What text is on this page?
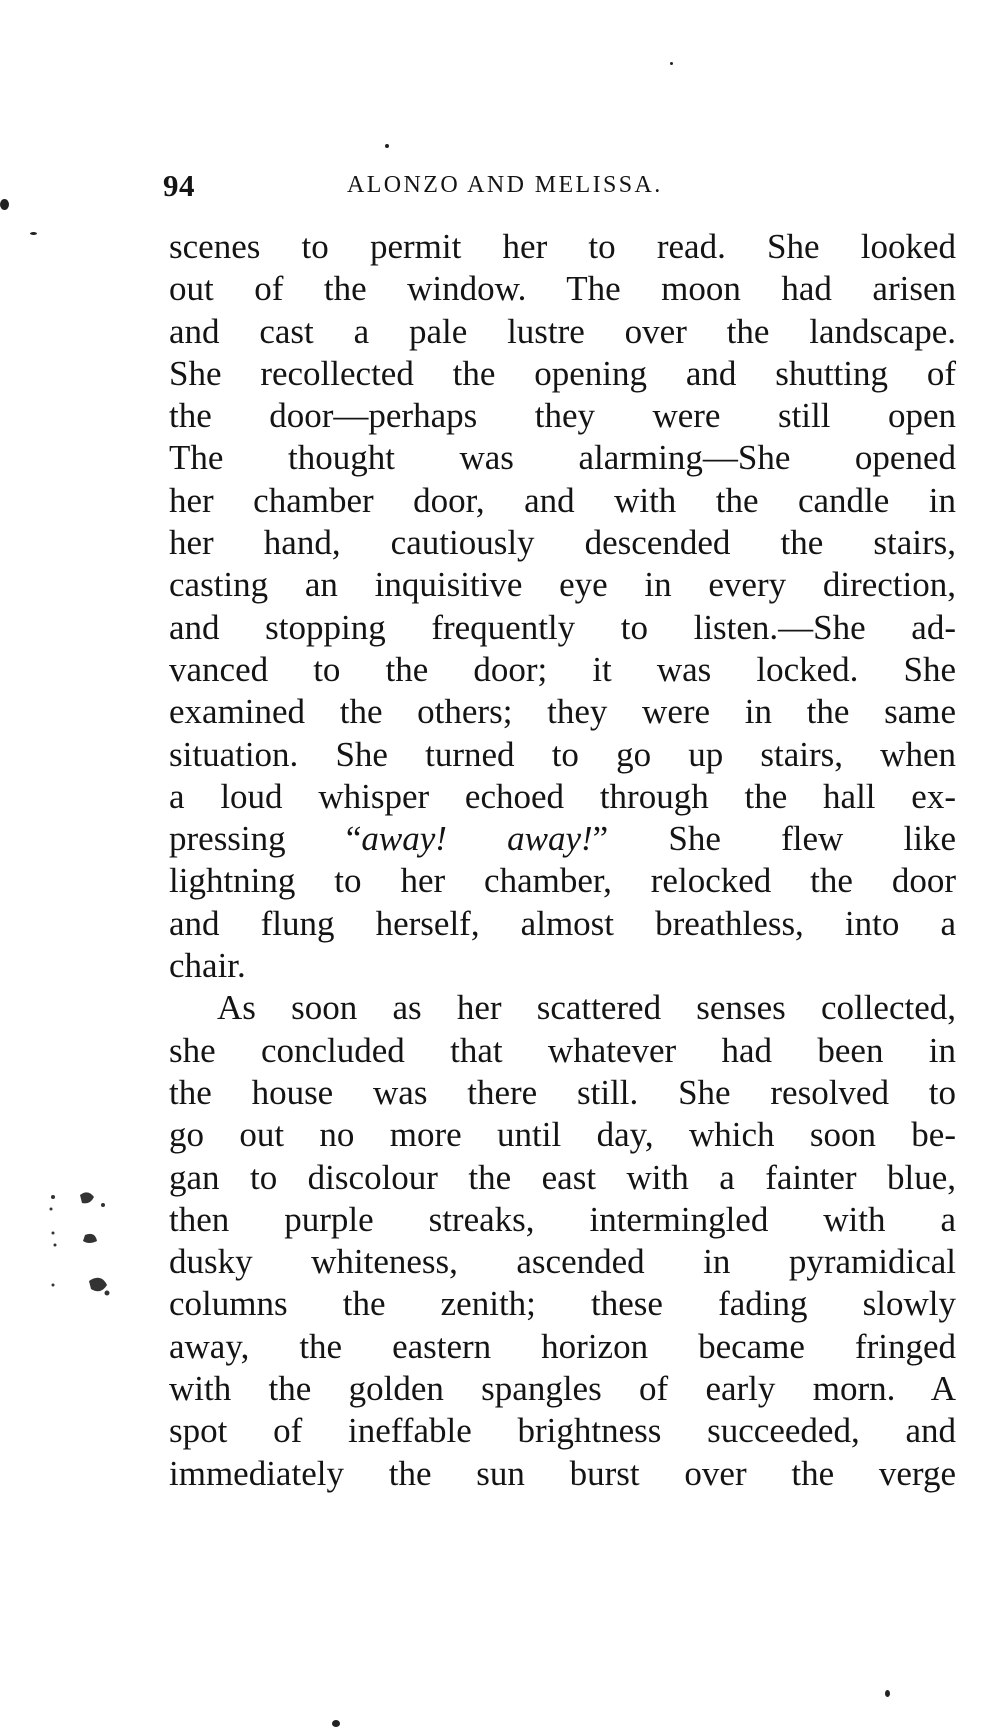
94	ALONZO AND MELISSA.
scenes to permit her to read. She looked
out of the window. The moon had arisen
and cast a pale lustre over the landscape.
She recollected the opening and shutting of
the door—perhaps they were still open
The thought was alarming—She opened
her chamber door, and with the candle in
her hand, cautiously descended the stairs,
casting an inquisitive eye in every direction,
and stopping frequently to listen.—She ad-
vanced to the door; it was locked. She
examined the others; they were in the same
situation. She turned to go up stairs, when
a loud whisper echoed through the hall ex-
pressing “away! away!” She flew like
lightning to her chamber, relocked the door
and flung herself, almost breathless, into a
chair.
As soon as her scattered senses collected,
she concluded that whatever had been in
the house was there still. She resolved to
go out no more until day, which soon be-
gan to discolour the east with a fainter blue,
then purple streaks, intermingled with a
dusky whiteness, ascended in pyramidical
columns the zenith; these fading slowly
away, the eastern horizon became fringed
with the golden spangles of early morn. A
spot of ineffable brightness succeeded, and
immediately the sun burst over the verge
